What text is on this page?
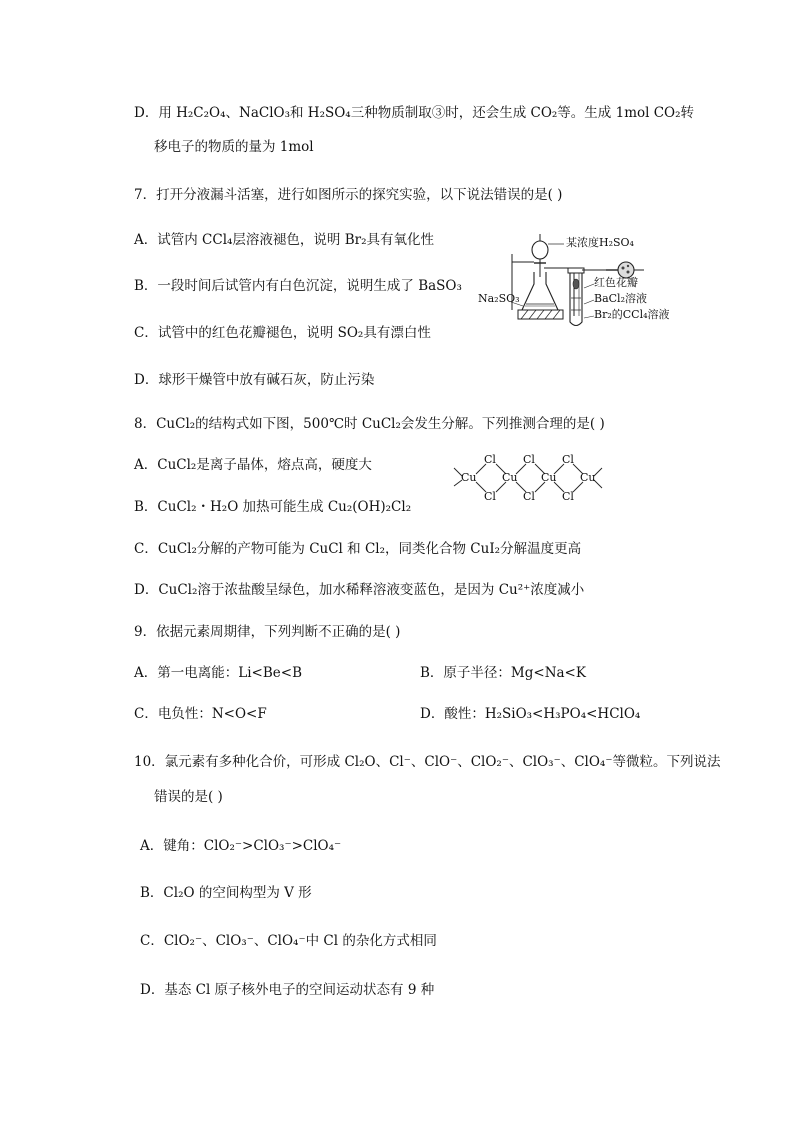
D．用 H₂C₂O₄、NaClO₃和 H₂SO₄三种物质制取③时，还会生成 CO₂等。生成 1mol CO₂转
移电子的物质的量为 1mol
7．打开分液漏斗活塞，进行如图所示的探究实验，以下说法错误的是( )
A．试管内 CCl₄层溶液褪色，说明 Br₂具有氧化性
B．一段时间后试管内有白色沉淀，说明生成了 BaSO₃
C．试管中的红色花瓣褪色，说明 SO₂具有漂白性
D．球形干燥管中放有碱石灰，防止污染
某浓度H₂SO₄
Na₂SO₃
红色花瓣
BaCl₂溶液
Br₂的CCl₄溶液
8．CuCl₂的结构式如下图，500℃时 CuCl₂会发生分解。下列推测合理的是( )
A．CuCl₂是离子晶体，熔点高，硬度大
B．CuCl₂・H₂O 加热可能生成 Cu₂(OH)₂Cl₂
C．CuCl₂分解的产物可能为 CuCl 和 Cl₂，同类化合物 CuI₂分解温度更高
D．CuCl₂溶于浓盐酸呈绿色，加水稀释溶液变蓝色，是因为 Cu²⁺浓度减小
Cu
Cl
Cl
Cu
Cl
Cl
Cu
Cl
Cl
Cu
9．依据元素周期律，下列判断不正确的是( )
A．第一电离能：Li<Be<B	B．原子半径：Mg<Na<K
C．电负性：N<O<F	D．酸性：H₂SiO₃<H₃PO₄<HClO₄
10．氯元素有多种化合价，可形成 Cl₂O、Cl⁻、ClO⁻、ClO₂⁻、ClO₃⁻、ClO₄⁻等微粒。下列说法
错误的是( )
A．键角：ClO₂⁻>ClO₃⁻>ClO₄⁻
B．Cl₂O 的空间构型为 V 形
C．ClO₂⁻、ClO₃⁻、ClO₄⁻中 Cl 的杂化方式相同
D．基态 Cl 原子核外电子的空间运动状态有 9 种
